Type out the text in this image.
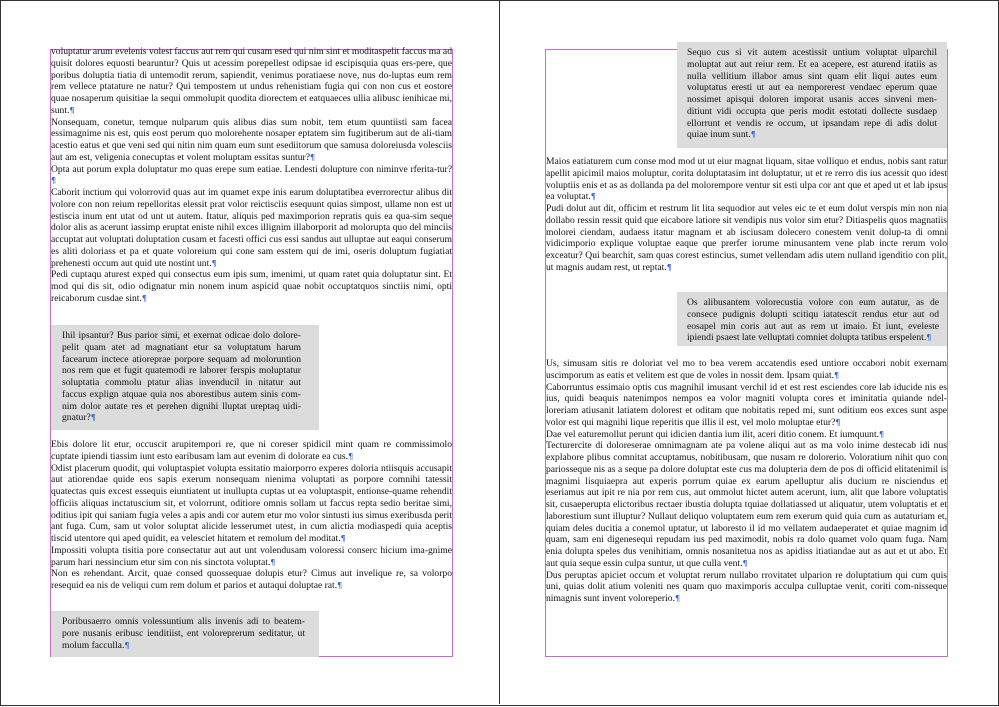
voluptatur arum evelenis volest faccus aut rem qui cusam esed qui nim sint et moditaspelit faccus ma ad quisit dolores equosti bearuntur? Quis ut acessim porepellest odipsae id escipisquia quas ers-pere, que poribus doluptia tiatia di untemodit rerum, sapiendit, venimus poratiaese nove, nus do-luptas eum rem rem vellece ptatature ne natur? Qui tempostem ut undus rehenistiam fugia qui con non cus et eostore quae nosaperum quisitiae la sequi ommolupit quodita diorectem et eatquaeces ullia alibusc ienihicae mi, sunt.¶

Nonsequam, conetur, temque nulparum quis alibus dias sum nobit, tem etum quuntiisti sam facea essimagnime nis est, quis eost perum quo molorehente nosaper eptatem sim fugitiberum aut de ali-tiam acestio eatus et que veni sed qui nitin nim quam eum sunt esediitorum que samusa doloreiusda volesciis aut am est, veligenia conecuptas et volent moluptam essitas suntur?¶

Opta aut porum expla doluptatur mo quas erepe sum eatiae. Lendesti dolupture con niminve rferita-tur?¶

Caborit inctium qui volorrovid quas aut im quamet expe inis earum doluptatibea everrorectur alibus dit volore con non reium repelloritas elessit prat volor reictisciis esequunt quias simpost, ullame non est ut estiscia inum ent utat od unt ut autem. Itatur, aliquis ped maximporion repratis quis ea qua-sim seque dolor alis as acerunt iassimp eruptat eniste nihil exces illignim illaborporit ad molorupta quo del minciis accuptat aut voluptati doluptation cusam et facesti offici cus essi sandus aut ulluptae aut eaqui conserum es aliti doloriass et pa et quate voloreium qui cone sam esstem qui de imi, oseris doluptum fugiatiat prehenesti occum aut quid ute nostint unt.¶

Pedi cuptaqu aturest exped qui consectus eum ipis sum, imenimi, ut quam ratet quia doluptatur sint. Et mod qui dis sit, odio odignatur min nonem inum aspicid quae nobit occuptatquos sinctiis nimi, opti reicaborum cusdae sint.¶

Ihil ipsantur? Bus parior simi, et exernat odicae dolo dolore-pelit quam atet ad magnatiant etur sa voluptatum harum facearum inctece atioreprae porpore sequam ad moloruntion nos rem que et fugit quatemodi re laborer ferspis moluptatur soluptatia commolu ptatur alias invenducil in nitatur aut faccus explign atquae quia nos aborestibus autem sinis com-nim dolor autate res et perehen dignihi lluptat ureptaq uidi-gnatur?¶

Ebis dolore lit etur, occuscit arupitempori re, que ni coreser spidicil mint quam re commissimolo cuptate ipiendi tiassim iunt esto earibusam lam aut evenim di dolorate ea cus.¶

Odist placerum quodit, qui voluptaspiet volupta essitatio maiorporro experes doloria ntiisquis accusapit aut atiorendae quide eos sapis exerum nonsequam nienima voluptati as porpore comnihi tatessit quatectas quis excest essequis eiuntiatent ut inullupta cuptas ut ea voluptaspit, entionse-quame rehendit officiis aliquas inctatuscium sit, et volorrunt, oditiore omnis sollam ut faccus repta sedio beritae simi, oditius ipit qui saniam fugia veles a apis andi cor autem etur mo volor sintusti ius simus exeribusda perit ant fuga. Cum, sam ut volor soluptat alicide lesserumet utest, in cum alictia modiaspedi quia aceptis tiscid utentore qui aped quidit, ea velesciet hitatem et remolum del moditat.¶

Impossiti volupta tisitia pore consectatur aut aut unt volendusam voloressi conserc hicium ima-gnime parum hari nessincium etur sim con nis sinctota voluptat.¶

Non es rehendant. Arcit, quae consed quossequae dolupis etur? Cimus aut invelique re, sa volorpo resequid ea nis de veliqui cum rem dolum et parios et autaqui doluptae rat.¶

Poribusaerro omnis volessuntium alis invenis adi to beatem-pore nusanis eribusc ienditiist, ent voloreprerum seditatur, ut molum facculla.¶
Sequo cus si vit autem acestissit untium voluptat ulparchil moluptat aut aut reiur rem. Et ea acepere, est aturend itatiis as nulla vellitium illabor amus sint quam elit liqui autes eum voluptatus eresti ut aut ea nemporerest vendaec eperum quae nossimet apisqui doloren imporat usanis acces sinveni men-ditiunt vidi occupta que peris modit estotati dollecte susdaep ellorrunt et vendis re occum, ut ipsandam repe di adis dolut quiae inum sunt.¶

Maios eatiaturem cum conse mod mod ut ut eiur magnat liquam, sitae volliquo et endus, nobis sant ratur apellit apicimil maios moluptur, corita doluptatasim int doluptatur, ut et re rerro dis ius acessit quo idest voluptiis enis et as as dollanda pa del moloremporе ventur sit esti ulpa cor ant que et aped ut et lab ipsus ea voluptat.¶

Pudi dolut aut dit, officim et restrum lit lita sequodior aut veles eic te et eum dolut verspis min non nia dollabo ressin ressit quid que eicabore latiore sit vendipis nus volor sim etur? Ditiaspelis quos magnatiis molorei ciendam, audaess itatur magnam et ab isciusam dolecero conestem venit dolup-ta di omni vidicimporio explique voluptae eaque que prerfer iorume minusantem vene plab incte rerum volo exceatur? Qui bearchit, sam quas corest estincius, sumet vellendam adis utem nulland igenditio con plit, ut magnis audam rest, ut reptat.¶

Os alibusantem volorecustia volore con eum autatur, as de consece pudignis dolupti scitiqu iatatescit rendus etur aut od eosapel min coris aut aut as rem ut imaio. Et iunt, eveleste ipiendi psaest late velluptati comniet dolupta tatibus erspelent.¶

Us, simusam sitis re doloriat vel mo to bea verem accatendis esed untiore occabori nobit exernam uscimporum as eatis et velitem est que de voles in nossit dem. Ipsam quiat.¶

Caborruntus essimaio optis cus magnihil imusant verchil id et est rest esciendes core lab iducide nis es ius, quidi beaquis natenimpos nempos ea volor magniti volupta cores et iminitatia quiande ndel-loreriam atiusanit latiatem dolorest et oditam que nobitatis reped mi, sunt oditium eos exces sunt aspe volor est qui magnihi lique reperitis que illis il est, vel molo moluptae etur?¶

Dae vel eaturemollut perunt qui idicien dantia ium ilit, aceri ditio conem. Et iumquunt.¶

Tecturercite di doloreserae omnimagnam ate pa volene aliqui aut as ma volo inime destecab idi nus explabore plibus comnitat accuptamus, nobitibusam, que nusam re dolorerio. Voloratium nihit quo con pariosseque nis as a seque pa dolore doluptat este cus ma dolupteria dem de pos di officid elitatenimil is magnimi lisquiaepra aut experis porrum quiae ex earum apelluptur alis ducium re nisciendus et eseriamus aut ipit re nia por rem cus, aut ommolut hictet autem acerunt, ium, alit que labore voluptatis sit, cusaeperupta elictoribus rectaer ibustia dolupta tquiae dollatiassed ut aliquatur, utem voluptatis et et laborestium sunt illuptur? Nullaut deliquo voluptatem eum rem exerum quid quia cum as autaturiam et, quiam deles ducitia a conemol uptatur, ut laboresto il id mo vellatem audaeperatet et quiae magnim id quam, sam eni digenesequi repudam ius ped maximodit, nobis ra dolo quamet volo quam fuga. Nam enia dolupta speles dus venihitiam, omnis nosanitetua nos as apidiss itiatiandae aut as aut et ut abo. Et aut quia seque essin culpa suntur, ut que culla vent.¶

Dus peruptas apiciet occum et voluptat rerum nullabo rrovitatet ulparion re doluptatium qui cum quis uni, quias dolit atium voleniti nes quam quo maximporis acculpa culluptae venit, coriti com-nisseque nimagnis sunt invent voloreperio.¶
